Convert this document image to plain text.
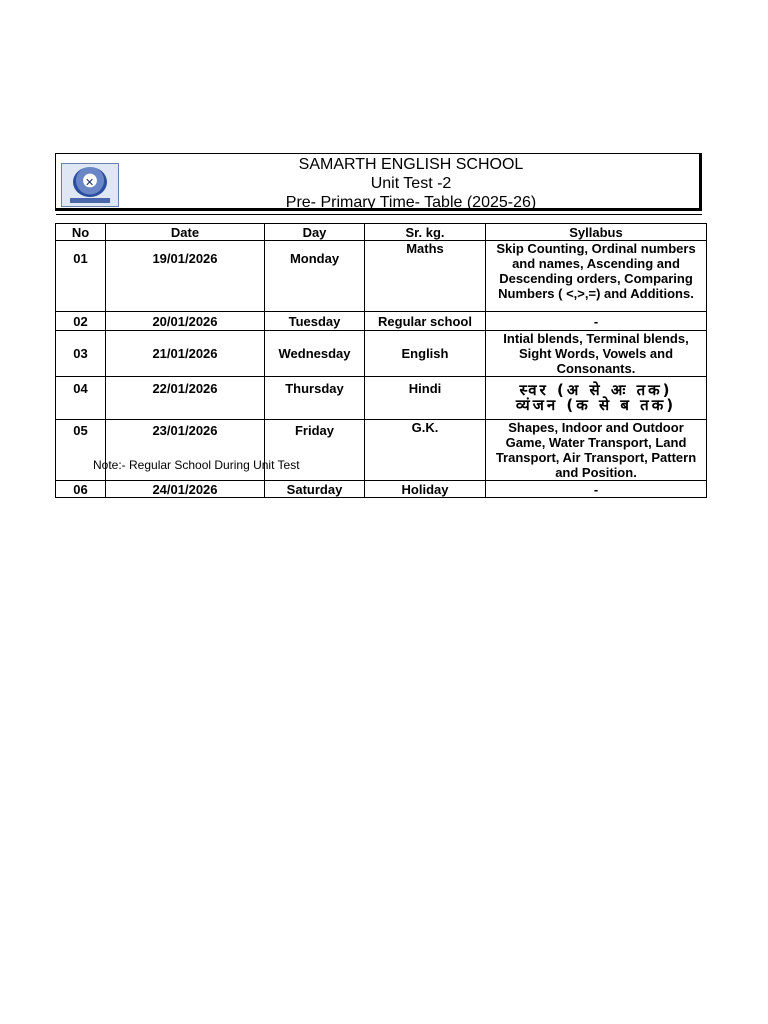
✕
SAMARTH ENGLISH SCHOOL
Unit Test -2
Pre- Primary Time- Table (2025-26)
No	Date	Day	Sr. kg.	Syllabus
01	19/01/2026	Monday	Maths	Skip Counting, Ordinal numbers and names, Ascending and Descending orders, Comparing Numbers ( <,>,=) and Additions.
02	20/01/2026	Tuesday	Regular school	-
03	21/01/2026	Wednesday	English	Intial blends, Terminal blends, Sight Words, Vowels and Consonants.
04	22/01/2026	Thursday	Hindi	स्वर (अ से अः तक)
व्यंजन (क से ब तक)

05	23/01/2026	Friday	G.K.	Shapes, Indoor and Outdoor Game, Water Transport, Land Transport, Air Transport, Pattern and Position.
06	24/01/2026	Saturday	Holiday	-
Note:- Regular School During Unit Test
